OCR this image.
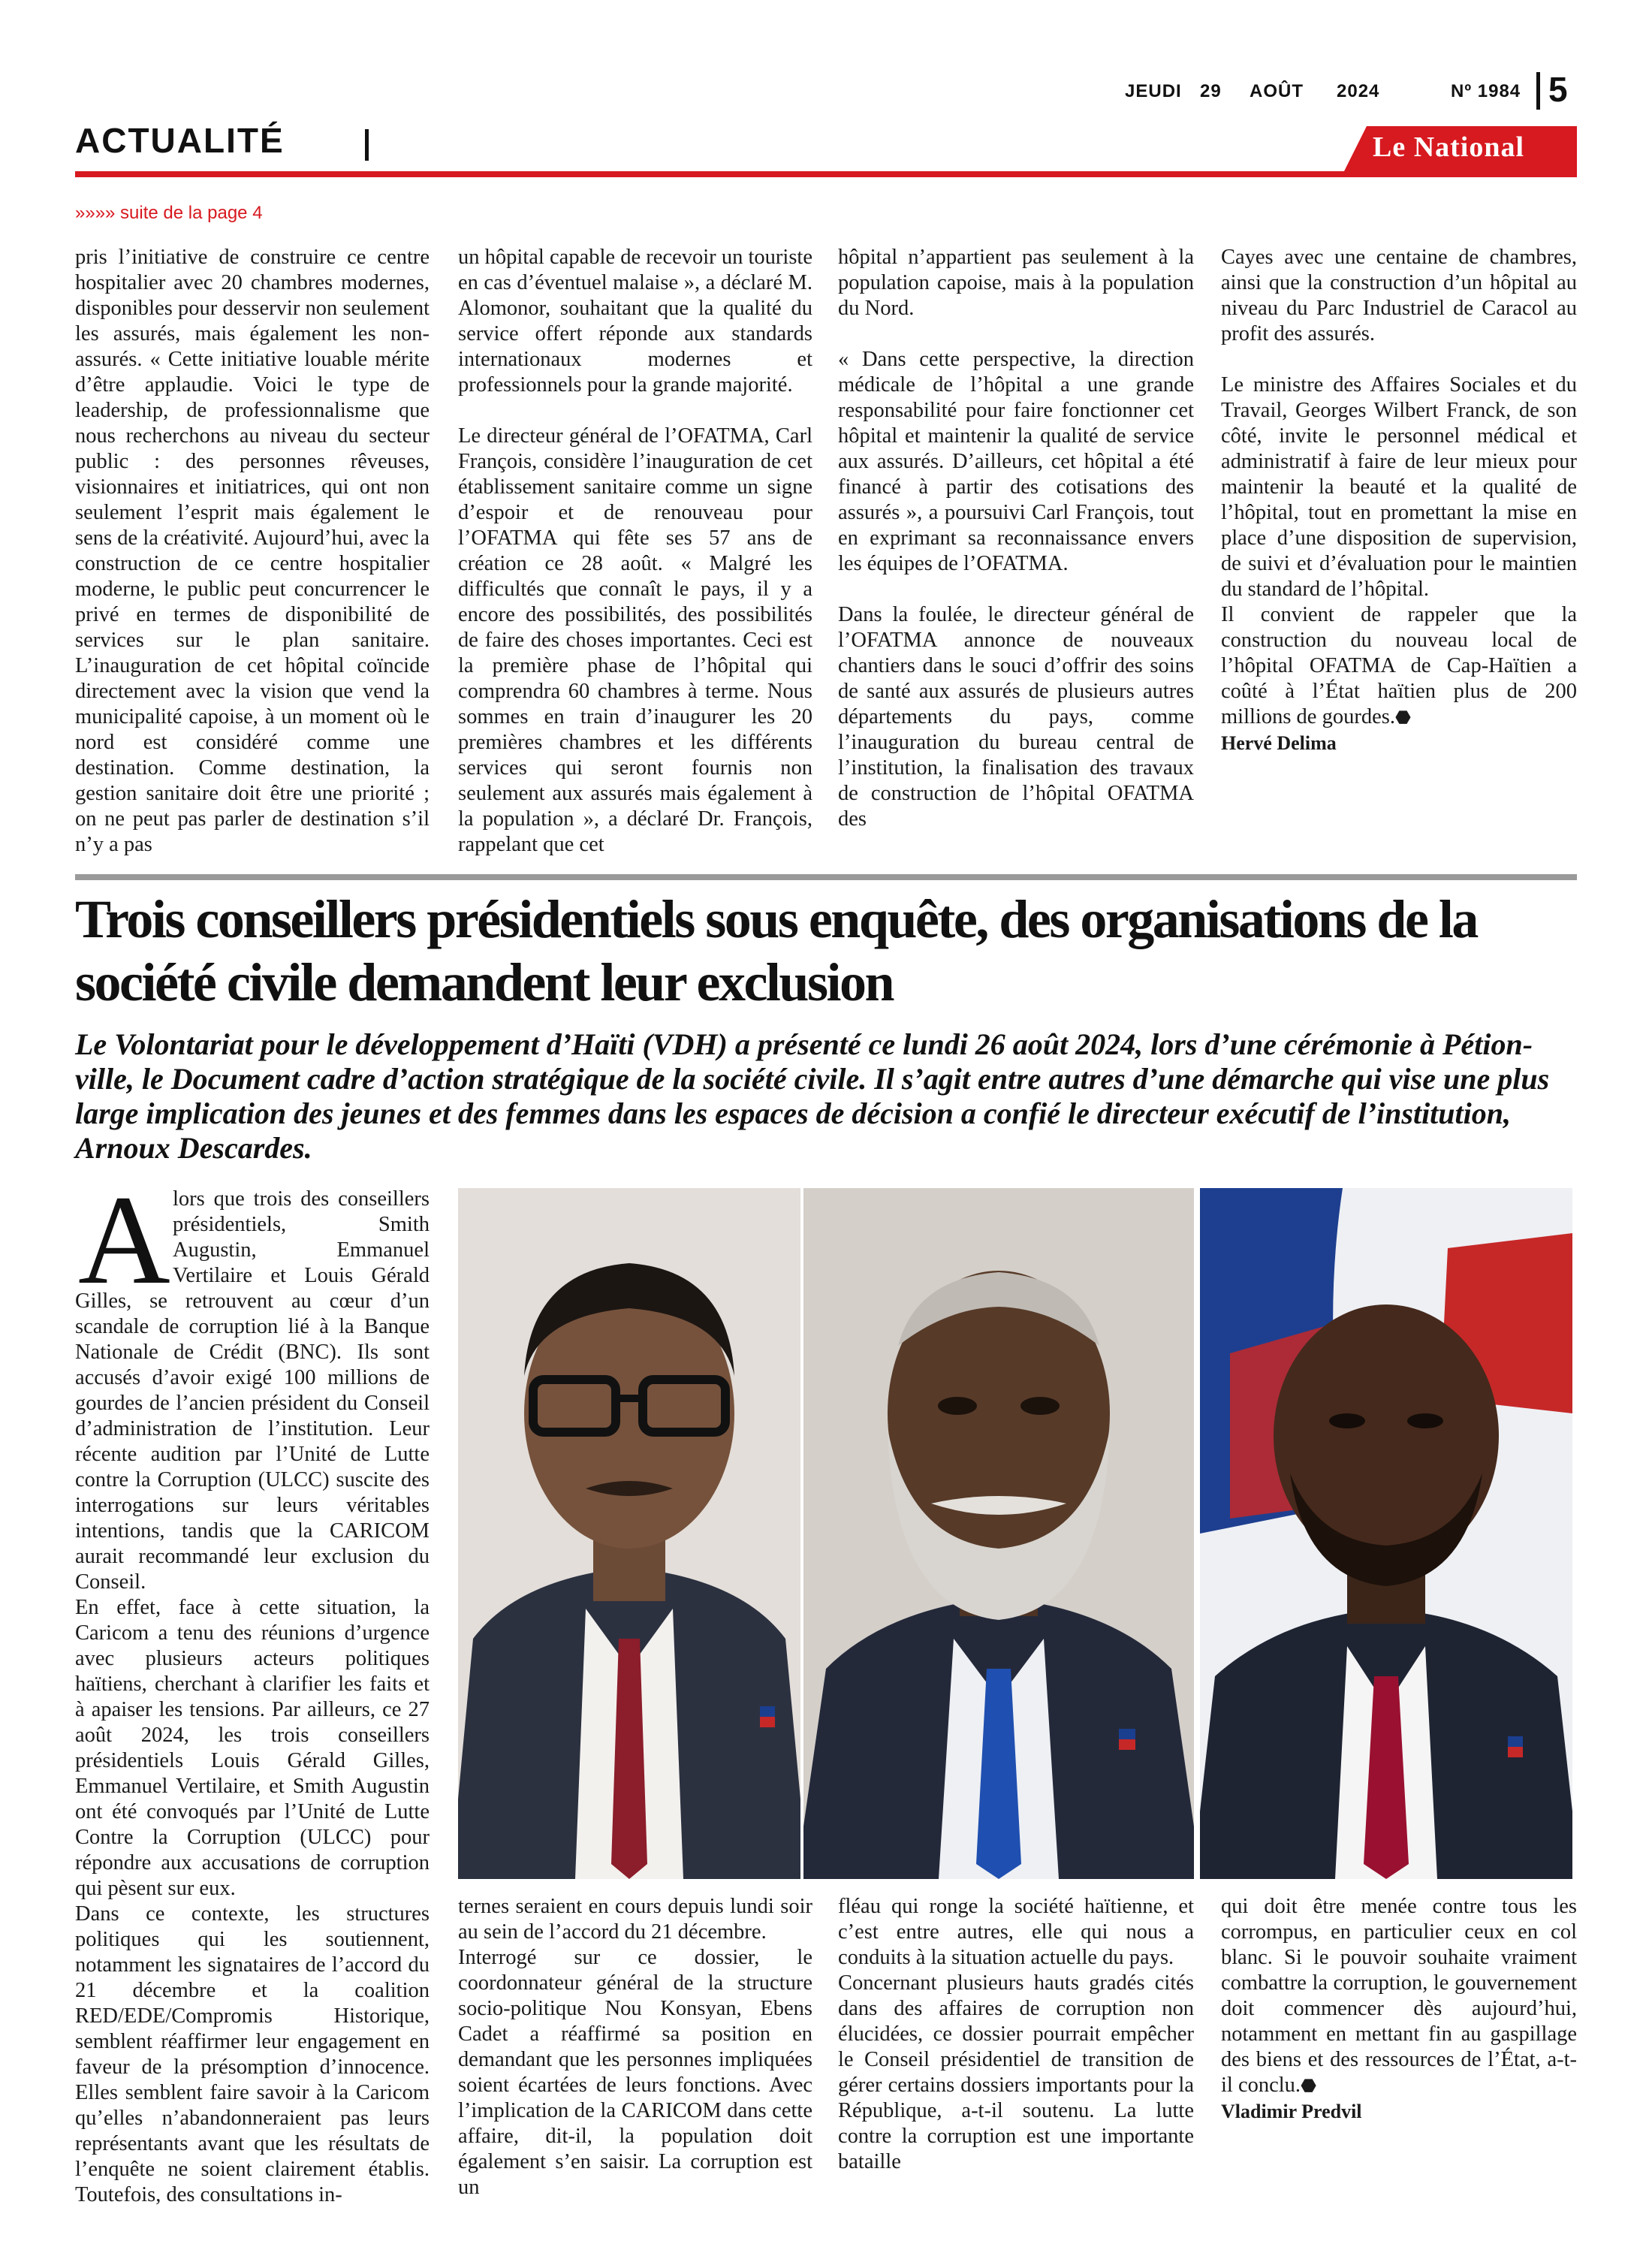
JEUDI 29 AOÛT 2024	Nº 1984 5
ACTUALITÉ	Le National
»»»» suite de la page 4

pris l’initiative de construire ce centre hospitalier avec 20 chambres modernes, disponibles pour desservir non seulement les assurés, mais également les non-assurés. « Cette initiative louable mérite d’être applaudie. Voici le type de leadership, de professionnalisme que nous recherchons au niveau du secteur public : des personnes rêveuses, visionnaires et initiatrices, qui ont non seulement l’esprit mais également le sens de la créativité. Aujourd’hui, avec la construction de ce centre hospitalier moderne, le public peut concurrencer le privé en termes de disponibilité de services sur le plan sanitaire. L’inauguration de cet hôpital coïncide directement avec la vision que vend la municipalité capoise, à un moment où le nord est considéré comme une destination. Comme destination, la gestion sanitaire doit être une priorité ; on ne peut pas parler de destination s’il n’y a pas

un hôpital capable de recevoir un touriste en cas d’éventuel malaise », a déclaré M. Alomonor, souhaitant que la qualité du service offert réponde aux standards internationaux modernes et professionnels pour la grande majorité.

Le directeur général de l’OFATMA, Carl François, considère l’inauguration de cet établissement sanitaire comme un signe d’espoir et de renouveau pour l’OFATMA qui fête ses 57 ans de création ce 28 août. « Malgré les difficultés que connaît le pays, il y a encore des possibilités, des possibilités de faire des choses importantes. Ceci est la première phase de l’hôpital qui comprendra 60 chambres à terme. Nous sommes en train d’inaugurer les 20 premières chambres et les différents services qui seront fournis non seulement aux assurés mais également à la population », a déclaré Dr. François, rappelant que cet

hôpital n’appartient pas seulement à la population capoise, mais à la population du Nord.

« Dans cette perspective, la direction médicale de l’hôpital a une grande responsabilité pour faire fonctionner cet hôpital et maintenir la qualité de service aux assurés. D’ailleurs, cet hôpital a été financé à partir des cotisations des assurés », a poursuivi Carl François, tout en exprimant sa reconnaissance envers les équipes de l’OFATMA.

Dans la foulée, le directeur général de l’OFATMA annonce de nouveaux chantiers dans le souci d’offrir des soins de santé aux assurés de plusieurs autres départements du pays, comme l’inauguration du bureau central de l’institution, la finalisation des travaux de construction de l’hôpital OFATMA des

Cayes avec une centaine de chambres, ainsi que la construction d’un hôpital au niveau du Parc Industriel de Caracol au profit des assurés.

Le ministre des Affaires Sociales et du Travail, Georges Wilbert Franck, de son côté, invite le personnel médical et administratif à faire de leur mieux pour maintenir la beauté et la qualité de l’hôpital, tout en promettant la mise en place d’une disposition de supervision, de suivi et d’évaluation pour le maintien du standard de l’hôpital.

Il convient de rappeler que la construction du nouveau local de l’hôpital OFATMA de Cap-Haïtien a coûté à l’État haïtien plus de 200 millions de gourdes.⬣

Hervé Delima

Trois conseillers présidentiels sous enquête, des organisations de la société civile demandent leur exclusion
Le Volontariat pour le développement d’Haïti (VDH) a présenté ce lundi 26 août 2024, lors d’une cérémonie à Pétion-ville, le Document cadre d’action stratégique de la société civile. Il s’agit entre autres d’une démarche qui vise une plus large implication des jeunes et des femmes dans les espaces de décision a confié le directeur exécutif de l’institution, Arnoux Descardes.
A lors que trois des conseillers présidentiels, Smith Augustin, Emmanuel Vertilaire et Louis Gérald Gilles, se retrouvent au cœur d’un scandale de corruption lié à la Banque Nationale de Crédit (BNC). Ils sont accusés d’avoir exigé 100 millions de gourdes de l’ancien président du Conseil d’administration de l’institution. Leur récente audition par l’Unité de Lutte contre la Corruption (ULCC) suscite des interrogations sur leurs véritables intentions, tandis que la CARICOM aurait recommandé leur exclusion du Conseil.

En effet, face à cette situation, la Caricom a tenu des réunions d’urgence avec plusieurs acteurs politiques haïtiens, cherchant à clarifier les faits et à apaiser les tensions. Par ailleurs, ce 27 août 2024, les trois conseillers présidentiels Louis Gérald Gilles, Emmanuel Vertilaire, et Smith Augustin ont été convoqués par l’Unité de Lutte Contre la Corruption (ULCC) pour répondre aux accusations de corruption qui pèsent sur eux.

Dans ce contexte, les structures politiques qui les soutiennent, notamment les signataires de l’accord du 21 décembre et la coalition RED/EDE/Compromis Historique, semblent réaffirmer leur engagement en faveur de la présomption d’innocence. Elles semblent faire savoir à la Caricom qu’elles n’abandonneraient pas leurs représentants avant que les résultats de l’enquête ne soient clairement établis. Toutefois, des consultations in-

ternes seraient en cours depuis lundi soir au sein de l’accord du 21 décembre.

Interrogé sur ce dossier, le coordonnateur général de la structure socio-politique Nou Konsyan, Ebens Cadet a réaffirmé sa position en demandant que les personnes impliquées soient écartées de leurs fonctions. Avec l’implication de la CARICOM dans cette affaire, dit-il, la population doit également s’en saisir. La corruption est un

fléau qui ronge la société haïtienne, et c’est entre autres, elle qui nous a conduits à la situation actuelle du pays.

Concernant plusieurs hauts gradés cités dans des affaires de corruption non élucidées, ce dossier pourrait empêcher le Conseil présidentiel de transition de gérer certains dossiers importants pour la République, a-t-il soutenu. La lutte contre la corruption est une importante bataille

qui doit être menée contre tous les corrompus, en particulier ceux en col blanc. Si le pouvoir souhaite vraiment combattre la corruption, le gouvernement doit commencer dès aujourd’hui, notamment en mettant fin au gaspillage des biens et des ressources de l’État, a-t-il conclu.⬣

Vladimir Predvil
